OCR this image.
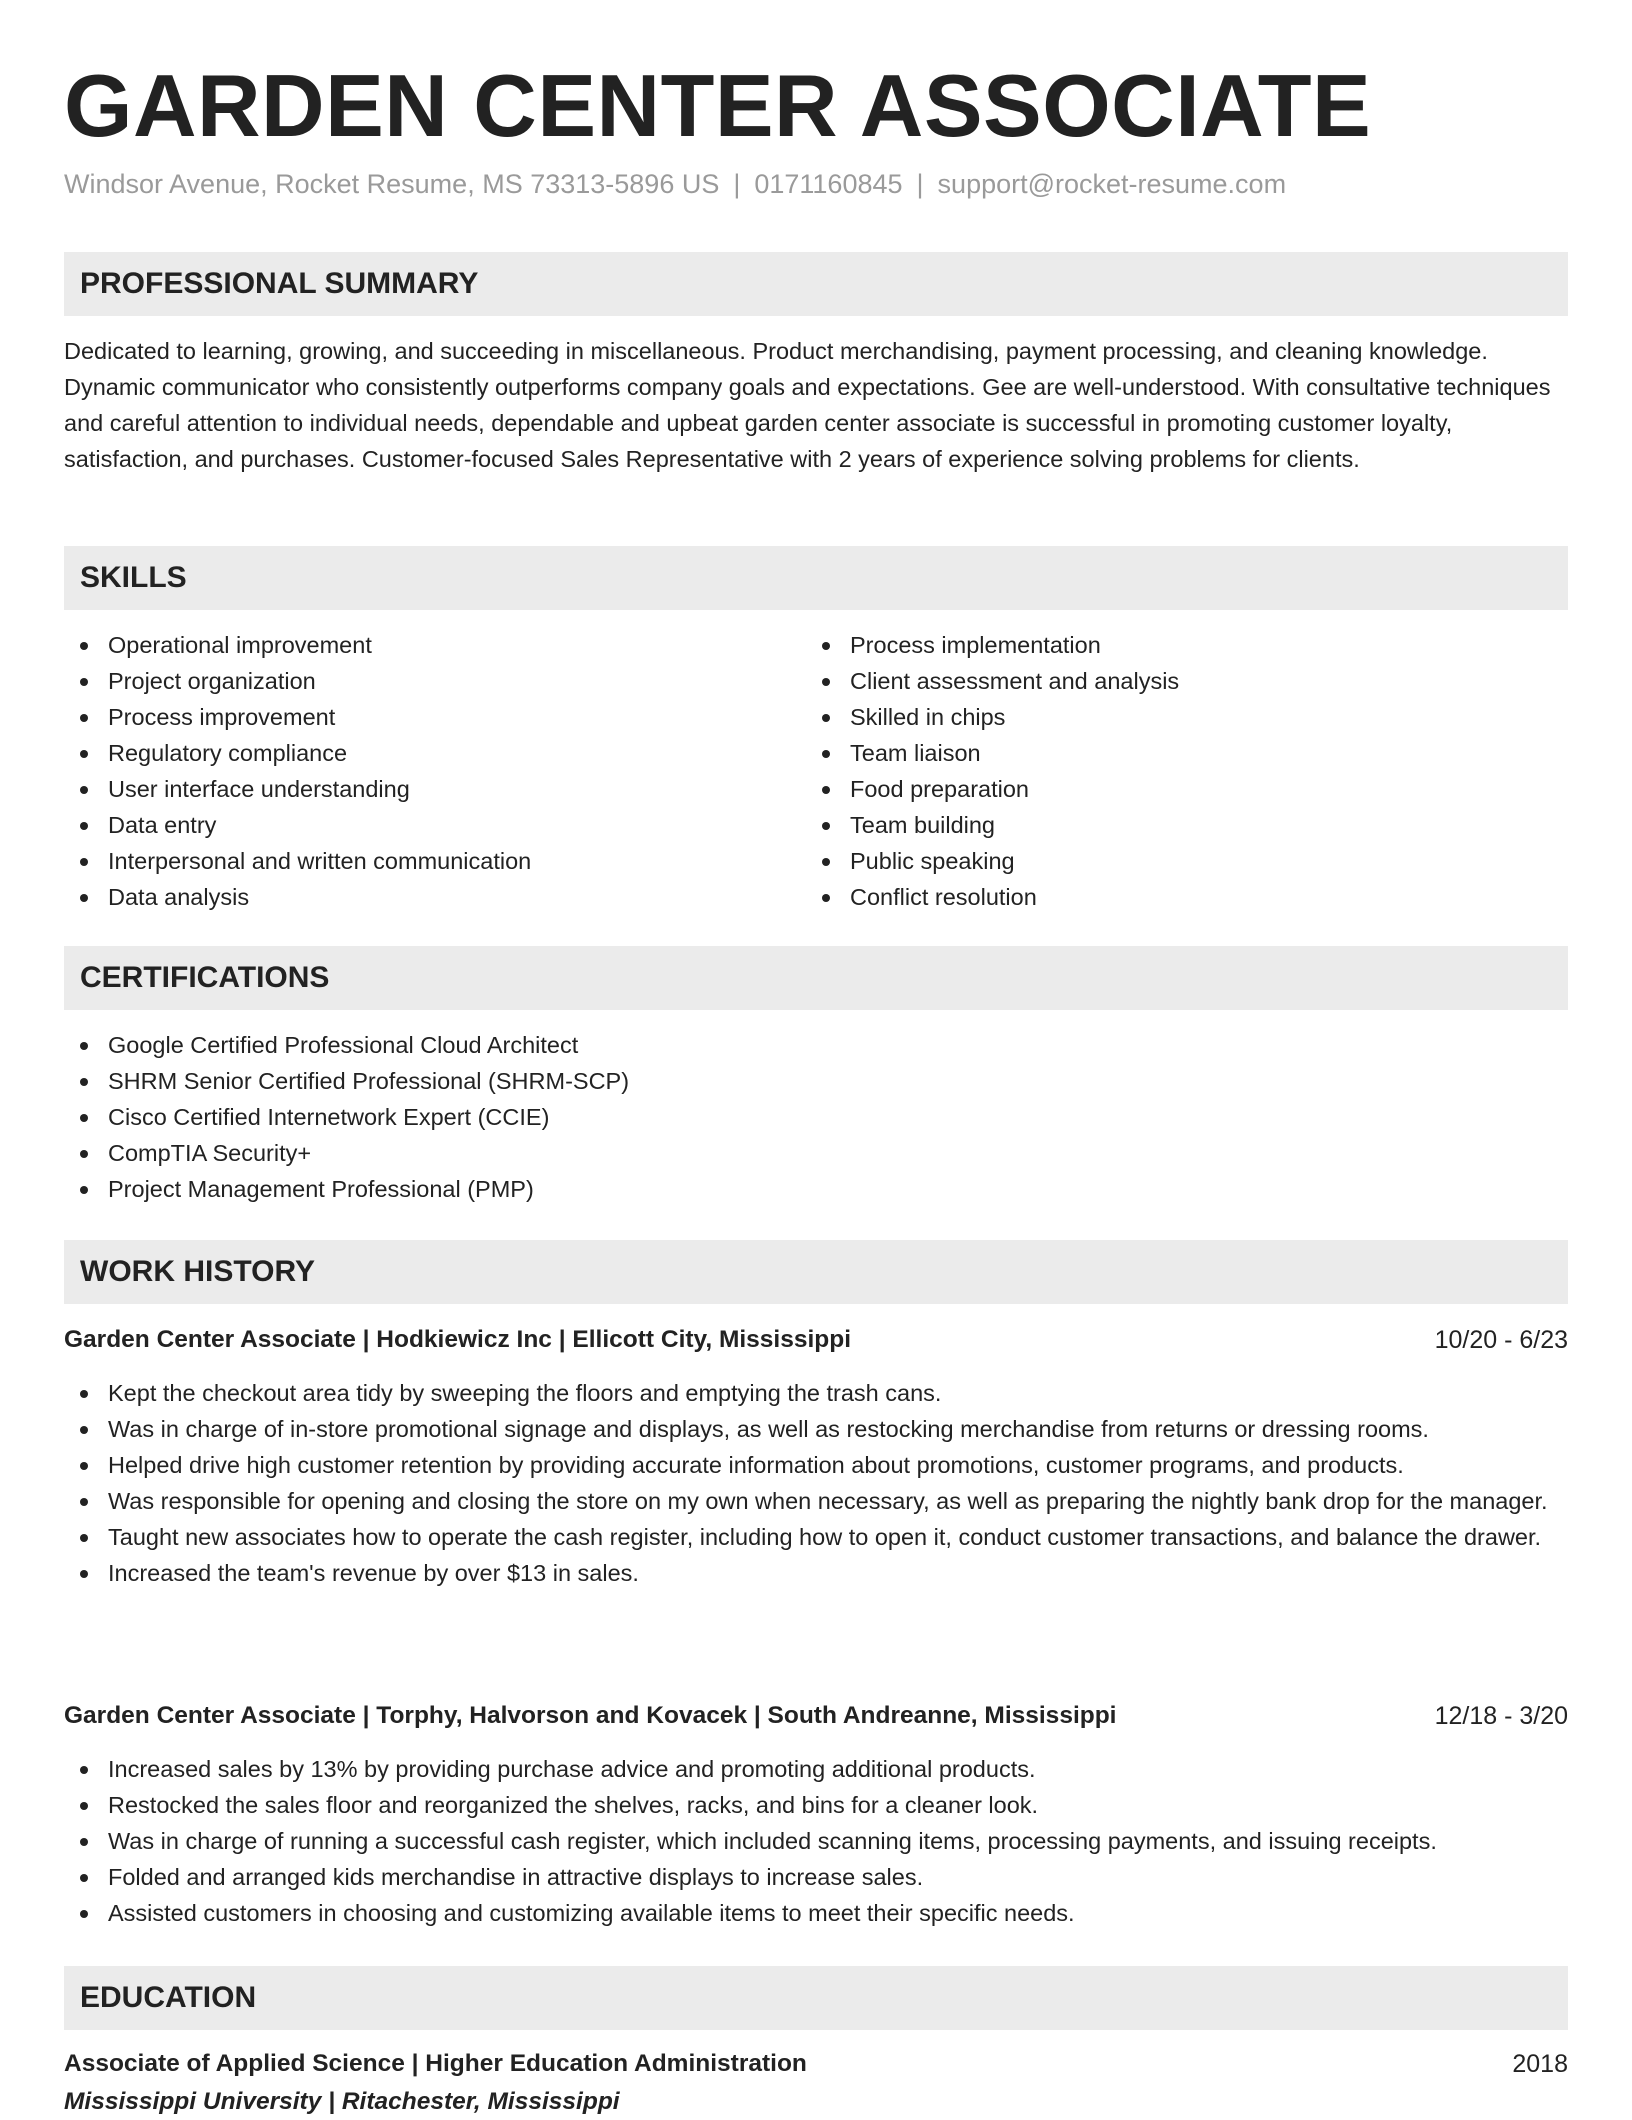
GARDEN CENTER ASSOCIATE
Windsor Avenue, Rocket Resume, MS 73313-5896 US | 0171160845 | support@rocket-resume.com
PROFESSIONAL SUMMARY

Dedicated to learning, growing, and succeeding in miscellaneous. Product merchandising, payment processing, and cleaning knowledge. Dynamic communicator who consistently outperforms company goals and expectations. Gee are well-understood. With consultative techniques and careful attention to individual needs, dependable and upbeat garden center associate is successful in promoting customer loyalty, satisfaction, and purchases. Customer-focused Sales Representative with 2 years of experience solving problems for clients.

SKILLS
Operational improvement
Project organization
Process improvement
Regulatory compliance
User interface understanding
Data entry
Interpersonal and written communication
Data analysis
Process implementation
Client assessment and analysis
Skilled in chips
Team liaison
Food preparation
Team building
Public speaking
Conflict resolution
CERTIFICATIONS
Google Certified Professional Cloud Architect
SHRM Senior Certified Professional (SHRM-SCP)
Cisco Certified Internetwork Expert (CCIE)
CompTIA Security+
Project Management Professional (PMP)
WORK HISTORY
Garden Center Associate | Hodkiewicz Inc | Ellicott City, Mississippi	10/20 - 6/23
Kept the checkout area tidy by sweeping the floors and emptying the trash cans.
Was in charge of in-store promotional signage and displays, as well as restocking merchandise from returns or dressing rooms.
Helped drive high customer retention by providing accurate information about promotions, customer programs, and products.
Was responsible for opening and closing the store on my own when necessary, as well as preparing the nightly bank drop for the manager.
Taught new associates how to operate the cash register, including how to open it, conduct customer transactions, and balance the drawer.
Increased the team's revenue by over $13 in sales.
Garden Center Associate | Torphy, Halvorson and Kovacek | South Andreanne, Mississippi	12/18 - 3/20
Increased sales by 13% by providing purchase advice and promoting additional products.
Restocked the sales floor and reorganized the shelves, racks, and bins for a cleaner look.
Was in charge of running a successful cash register, which included scanning items, processing payments, and issuing receipts.
Folded and arranged kids merchandise in attractive displays to increase sales.
Assisted customers in choosing and customizing available items to meet their specific needs.
EDUCATION
Associate of Applied Science | Higher Education Administration	2018
Mississippi University | Ritachester, Mississippi
